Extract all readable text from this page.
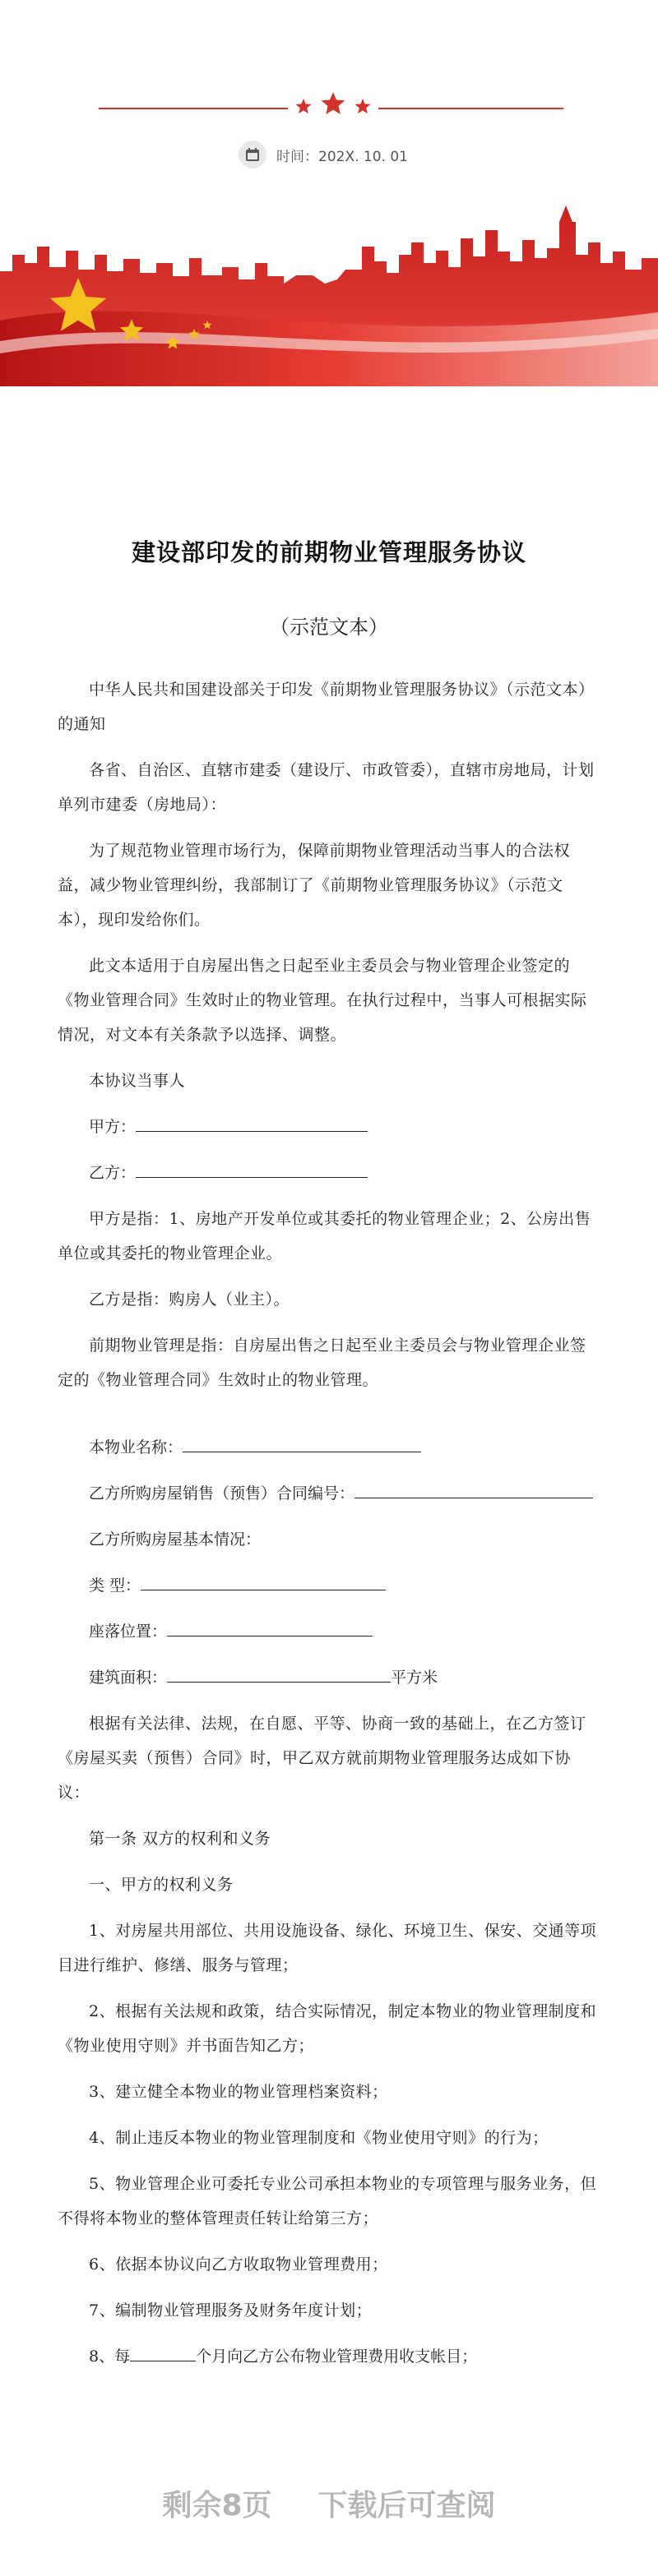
时间：202X. 10. 01
建设部印发的前期物业管理服务协议
（示范文本）

中华人民共和国建设部关于印发《前期物业管理服务协议》（示范文本）的通知

各省、自治区、直辖市建委（建设厅、市政管委），直辖市房地局，计划单列市建委（房地局）：

为了规范物业管理市场行为，保障前期物业管理活动当事人的合法权益，减少物业管理纠纷，我部制订了《前期物业管理服务协议》（示范文本），现印发给你们。

此文本适用于自房屋出售之日起至业主委员会与物业管理企业签定的《物业管理合同》生效时止的物业管理。在执行过程中，当事人可根据实际情况，对文本有关条款予以选择、调整。

本协议当事人

甲方：
乙方：

甲方是指：1、房地产开发单位或其委托的物业管理企业；2、公房出售单位或其委托的物业管理企业。

乙方是指：购房人（业主）。

前期物业管理是指：自房屋出售之日起至业主委员会与物业管理企业签定的《物业管理合同》生效时止的物业管理。

本物业名称：
乙方所购房屋销售（预售）合同编号：
乙方所购房屋基本情况：
类 型：
座落位置：
建筑面积：	平方米

根据有关法律、法规，在自愿、平等、协商一致的基础上，在乙方签订《房屋买卖（预售）合同》时，甲乙双方就前期物业管理服务达成如下协议：

第一条 双方的权利和义务

一、甲方的权利义务

1、对房屋共用部位、共用设施设备、绿化、环境卫生、保安、交通等项目进行维护、修缮、服务与管理；

2、根据有关法规和政策，结合实际情况，制定本物业的物业管理制度和《物业使用守则》并书面告知乙方；

3、建立健全本物业的物业管理档案资料；

4、制止违反本物业的物业管理制度和《物业使用守则》的行为；

5、物业管理企业可委托专业公司承担本物业的专项管理与服务业务，但不得将本物业的整体管理责任转让给第三方；

6、依据本协议向乙方收取物业管理费用；

7、编制物业管理服务及财务年度计划；

8、每	个月向乙方公布物业管理费用收支帐目；
剩余8页 下载后可查阅
